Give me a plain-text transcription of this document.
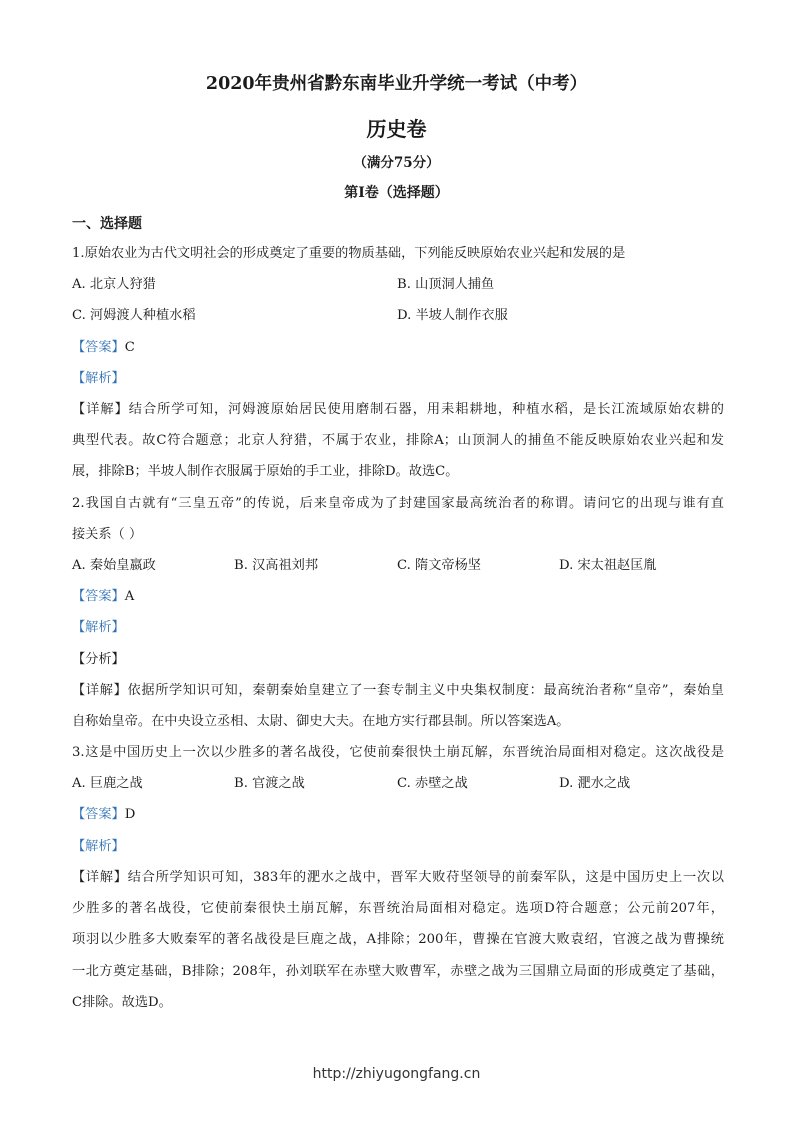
2020年贵州省黔东南毕业升学统一考试（中考）
历史卷
（满分75分）
第I卷（选择题）
一、选择题
1.原始农业为古代文明社会的形成奠定了重要的物质基础，下列能反映原始农业兴起和发展的是
A. 北京人狩猎	B. 山顶洞人捕鱼
C. 河姆渡人种植水稻	D. 半坡人制作衣服
【答案】C
【解析】
【详解】结合所学可知，河姆渡原始居民使用磨制石器，用耒耜耕地，种植水稻，是长江流域原始农耕的
典型代表。故C符合题意；北京人狩猎，不属于农业，排除A；山顶洞人的捕鱼不能反映原始农业兴起和发
展，排除B；半坡人制作衣服属于原始的手工业，排除D。故选C。
2.我国自古就有“三皇五帝”的传说，后来皇帝成为了封建国家最高统治者的称谓。请问它的出现与谁有直
接关系（ ）
A. 秦始皇嬴政	B. 汉高祖刘邦	C. 隋文帝杨坚	D. 宋太祖赵匡胤
【答案】A
【解析】
【分析】
【详解】依据所学知识可知，秦朝秦始皇建立了一套专制主义中央集权制度：最高统治者称“皇帝”，秦始皇
自称始皇帝。在中央设立丞相、太尉、御史大夫。在地方实行郡县制。所以答案选A。
3.这是中国历史上一次以少胜多的著名战役，它使前秦很快土崩瓦解，东晋统治局面相对稳定。这次战役是
A. 巨鹿之战	B. 官渡之战	C. 赤壁之战	D. 淝水之战
【答案】D
【解析】
【详解】结合所学知识可知，383年的淝水之战中，晋军大败苻坚领导的前秦军队，这是中国历史上一次以
少胜多的著名战役，它使前秦很快土崩瓦解，东晋统治局面相对稳定。选项D符合题意；公元前207年，
项羽以少胜多大败秦军的著名战役是巨鹿之战，A排除；200年，曹操在官渡大败袁绍，官渡之战为曹操统
一北方奠定基础，B排除；208年，孙刘联军在赤壁大败曹军，赤壁之战为三国鼎立局面的形成奠定了基础，
C排除。故选D。
http://zhiyugongfang.cn
